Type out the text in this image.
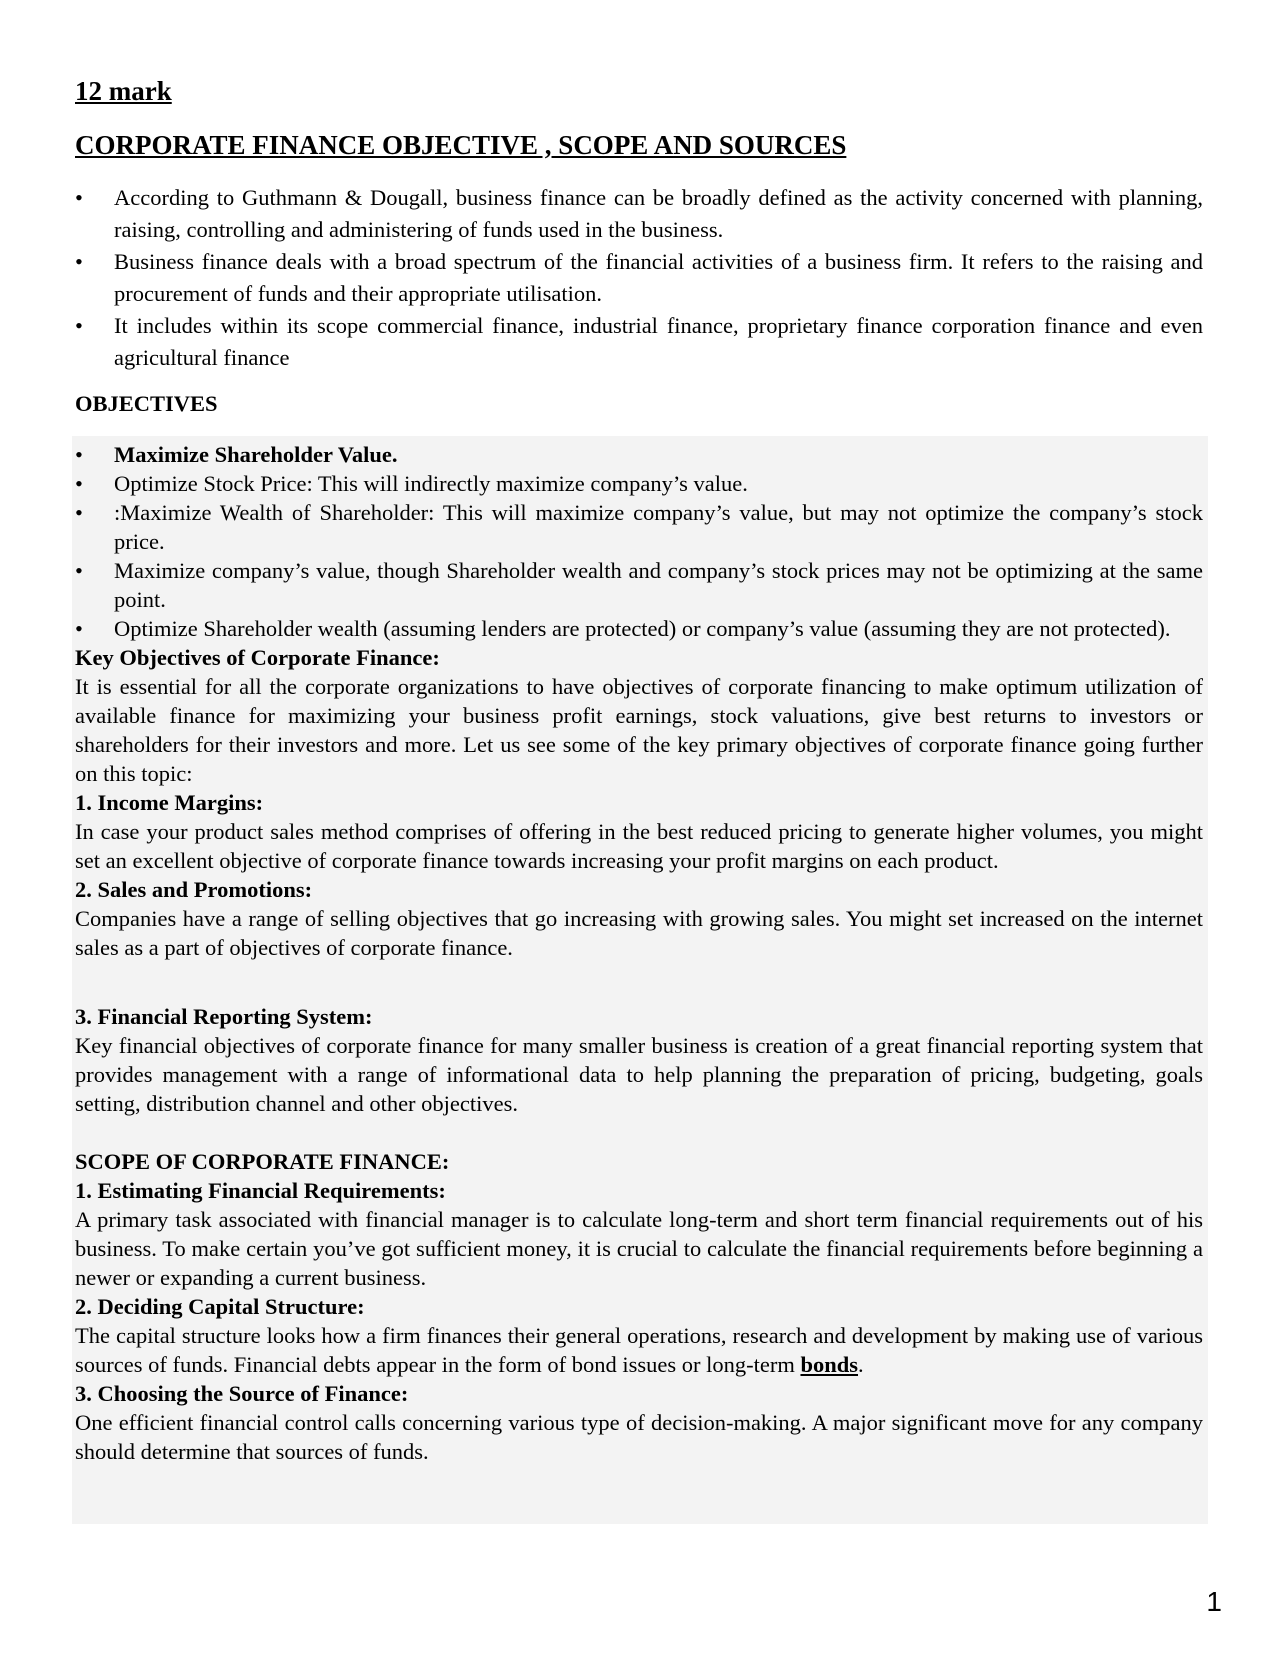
12 mark
CORPORATE FINANCE OBJECTIVE , SCOPE AND SOURCES
•	According to Guthmann & Dougall, business finance can be broadly defined as the activity concerned with planning, raising, controlling and administering of funds used in the business.
•	Business finance deals with a broad spectrum of the financial activities of a business firm. It refers to the raising and procurement of funds and their appropriate utilisation.
•	It includes within its scope commercial finance, industrial finance, proprietary finance corporation finance and even agricultural finance
OBJECTIVES
•	Maximize Shareholder Value.
•	Optimize Stock Price: This will indirectly maximize company’s value.
•	:Maximize Wealth of Shareholder: This will maximize company’s value, but may not optimize the company’s stock price.
•	Maximize company’s value, though Shareholder wealth and company’s stock prices may not be optimizing at the same point.
•	Optimize Shareholder wealth (assuming lenders are protected) or company’s value (assuming they are not protected).
Key Objectives of Corporate Finance:
It is essential for all the corporate organizations to have objectives of corporate financing to make optimum utilization of available finance for maximizing your business profit earnings, stock valuations, give best returns to investors or shareholders for their investors and more. Let us see some of the key primary objectives of corporate finance going further on this topic:
1. Income Margins:
In case your product sales method comprises of offering in the best reduced pricing to generate higher volumes, you might set an excellent objective of corporate finance towards increasing your profit margins on each product.
2. Sales and Promotions:
Companies have a range of selling objectives that go increasing with growing sales. You might set increased on the internet sales as a part of objectives of corporate finance.
3. Financial Reporting System:
Key financial objectives of corporate finance for many smaller business is creation of a great financial reporting system that provides management with a range of informational data to help planning the preparation of pricing, budgeting, goals setting, distribution channel and other objectives.
SCOPE OF CORPORATE FINANCE:
1. Estimating Financial Requirements:
A primary task associated with financial manager is to calculate long-term and short term financial requirements out of his business. To make certain you’ve got sufficient money, it is crucial to calculate the financial requirements before beginning a newer or expanding a current business.
2. Deciding Capital Structure:
The capital structure looks how a firm finances their general operations, research and development by making use of various sources of funds. Financial debts appear in the form of bond issues or long-term bonds.
3. Choosing the Source of Finance:
One efficient financial control calls concerning various type of decision-making. A major significant move for any company should determine that sources of funds.
1
